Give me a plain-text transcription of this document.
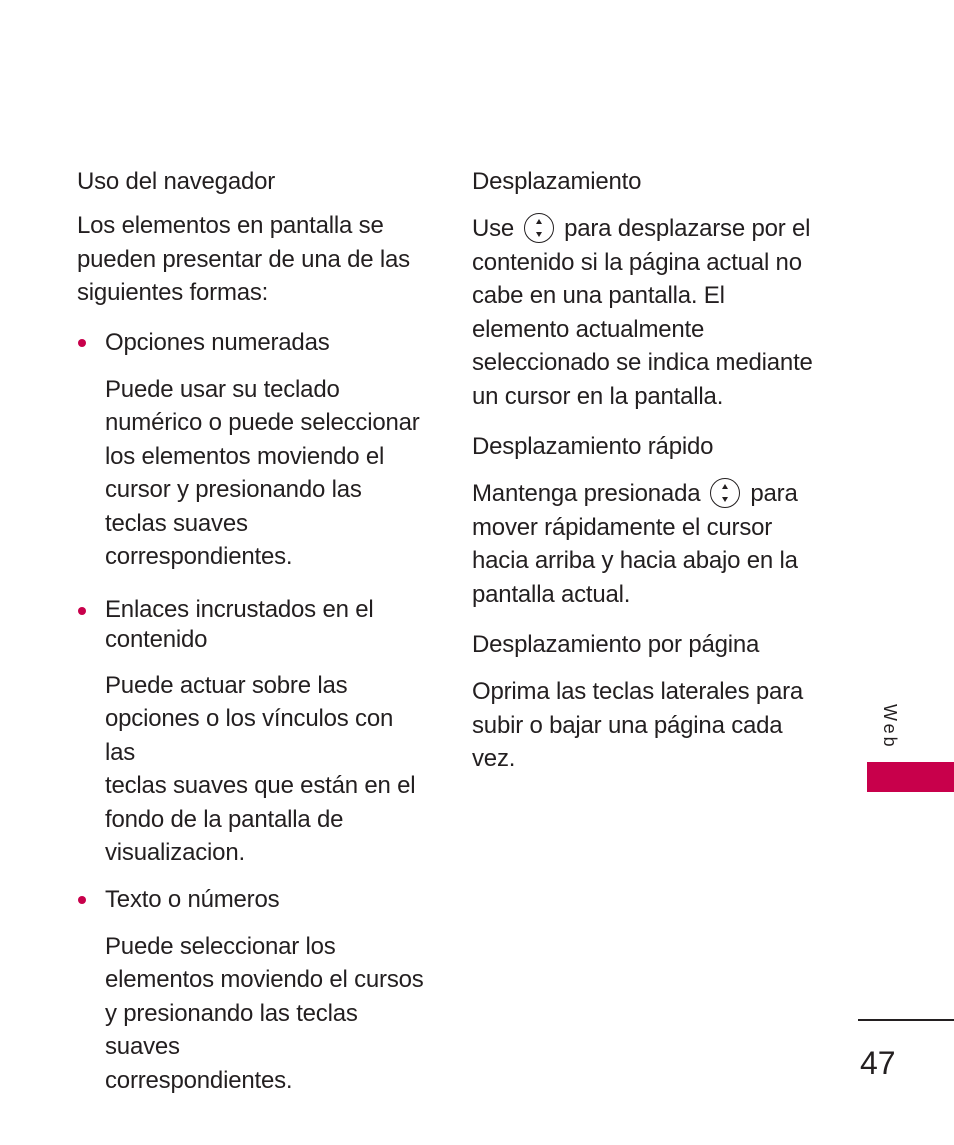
Uso del navegador

Los elementos en pantalla se
pueden presentar de una de las
siguientes formas:

Opciones numeradas

Puede usar su teclado
numérico o puede seleccionar
los elementos moviendo el
cursor y presionando las
teclas suaves
correspondientes.

Enlaces incrustados en el
contenido

Puede actuar sobre las
opciones o los vínculos con las
teclas suaves que están en el
fondo de la pantalla de
visualizacion.

Texto o números

Puede seleccionar los
elementos moviendo el cursos
y presionando las teclas suaves
correspondientes.

Desplazamiento

Use para desplazarse por el
contenido si la página actual no
cabe en una pantalla. El
elemento actualmente
seleccionado se indica mediante
un cursor en la pantalla.

Desplazamiento rápido

Mantenga presionada para
mover rápidamente el cursor
hacia arriba y hacia abajo en la
pantalla actual.

Desplazamiento por página

Oprima las teclas laterales para
subir o bajar una página cada
vez.

Web
47
